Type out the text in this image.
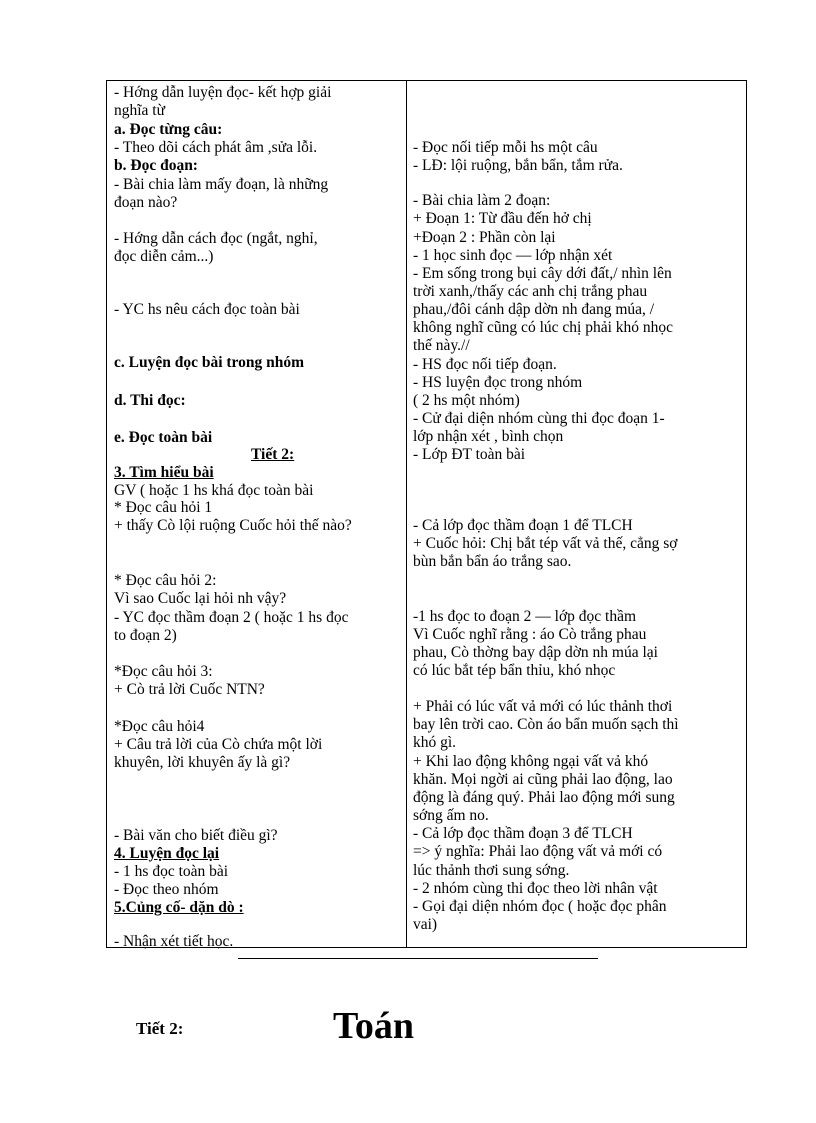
- Hớng dẫn luyện đọc- kết hợp giải
nghĩa từ
a. Đọc từng câu:
- Theo dõi cách phát âm ,sửa lỗi.
b. Đọc đoạn:
- Bài chia làm mấy đoạn, là những
đoạn nào?
- Hớng dẫn cách đọc (ngắt, nghỉ,
đọc diễn cảm...)
- YC hs nêu cách đọc toàn bài
c. Luyện đọc bài trong nhóm
d. Thi đọc:
e. Đọc toàn bài
Tiết 2:
3. Tìm hiểu bài
GV ( hoặc 1 hs khá đọc toàn bài
* Đọc câu hỏi 1
+ thấy Cò lội ruộng Cuốc hỏi thế nào?
* Đọc câu hỏi 2:
Vì sao Cuốc lại hỏi nh vậy?
- YC đọc thầm đoạn 2 ( hoặc 1 hs đọc
to đoạn 2)
*Đọc câu hỏi 3:
+ Cò trả lời Cuốc NTN?
*Đọc câu hỏi4
+ Câu trả lời của Cò chứa một lời
khuyên, lời khuyên ấy là gì?
- Bài văn cho biết điều gì?
4. Luyện đọc lại
- 1 hs đọc toàn bài
- Đọc theo nhóm
5.Củng cố- dặn dò :
- Nhận xét tiết học.
- Đọc nối tiếp mỗi hs một câu
- LĐ: lội ruộng, bắn bẩn, tắm rửa.
- Bài chia làm 2 đoạn:
+ Đoạn 1: Từ đầu đến hở chị
+Đoạn 2 : Phần còn lại
- 1 học sinh đọc — lớp nhận xét
- Em sống trong bụi cây dới đất,/ nhìn lên
trời xanh,/thấy các anh chị trắng phau
phau,/đôi cánh dập dờn nh đang múa, /
không nghĩ cũng có lúc chị phải khó nhọc
thế này.//
- HS đọc nối tiếp đoạn.
- HS luyện đọc trong nhóm
( 2 hs một nhóm)
- Cử đại diện nhóm cùng thi đọc đoạn 1-
lớp nhận xét , bình chọn
- Lớp ĐT toàn bài
- Cả lớp đọc thầm đoạn 1 để TLCH
+ Cuốc hỏi: Chị bắt tép vất vả thế, cẳng sợ
bùn bắn bẩn áo trắng sao.
-1 hs đọc to đoạn 2 — lớp đọc thầm
Vì Cuốc nghĩ rằng : áo Cò trắng phau
phau, Cò thờng bay dập dờn nh múa lại
có lúc bắt tép bẩn thỉu, khó nhọc
+ Phải có lúc vất vả mới có lúc thảnh thơi
bay lên trời cao. Còn áo bẩn muốn sạch thì
khó gì.
+ Khi lao động không ngại vất vả khó
khăn. Mọi ngời ai cũng phải lao động, lao
động là đáng quý. Phải lao động mới sung
sớng ấm no.
- Cả lớp đọc thầm đoạn 3 để TLCH
=> ý nghĩa: Phải lao động vất vả mới có
lúc thảnh thơi sung sớng.
- 2 nhóm cùng thi đọc theo lời nhân vật
- Gọi đại diện nhóm đọc ( hoặc đọc phân
vai)
Tiết 2:	Toán
